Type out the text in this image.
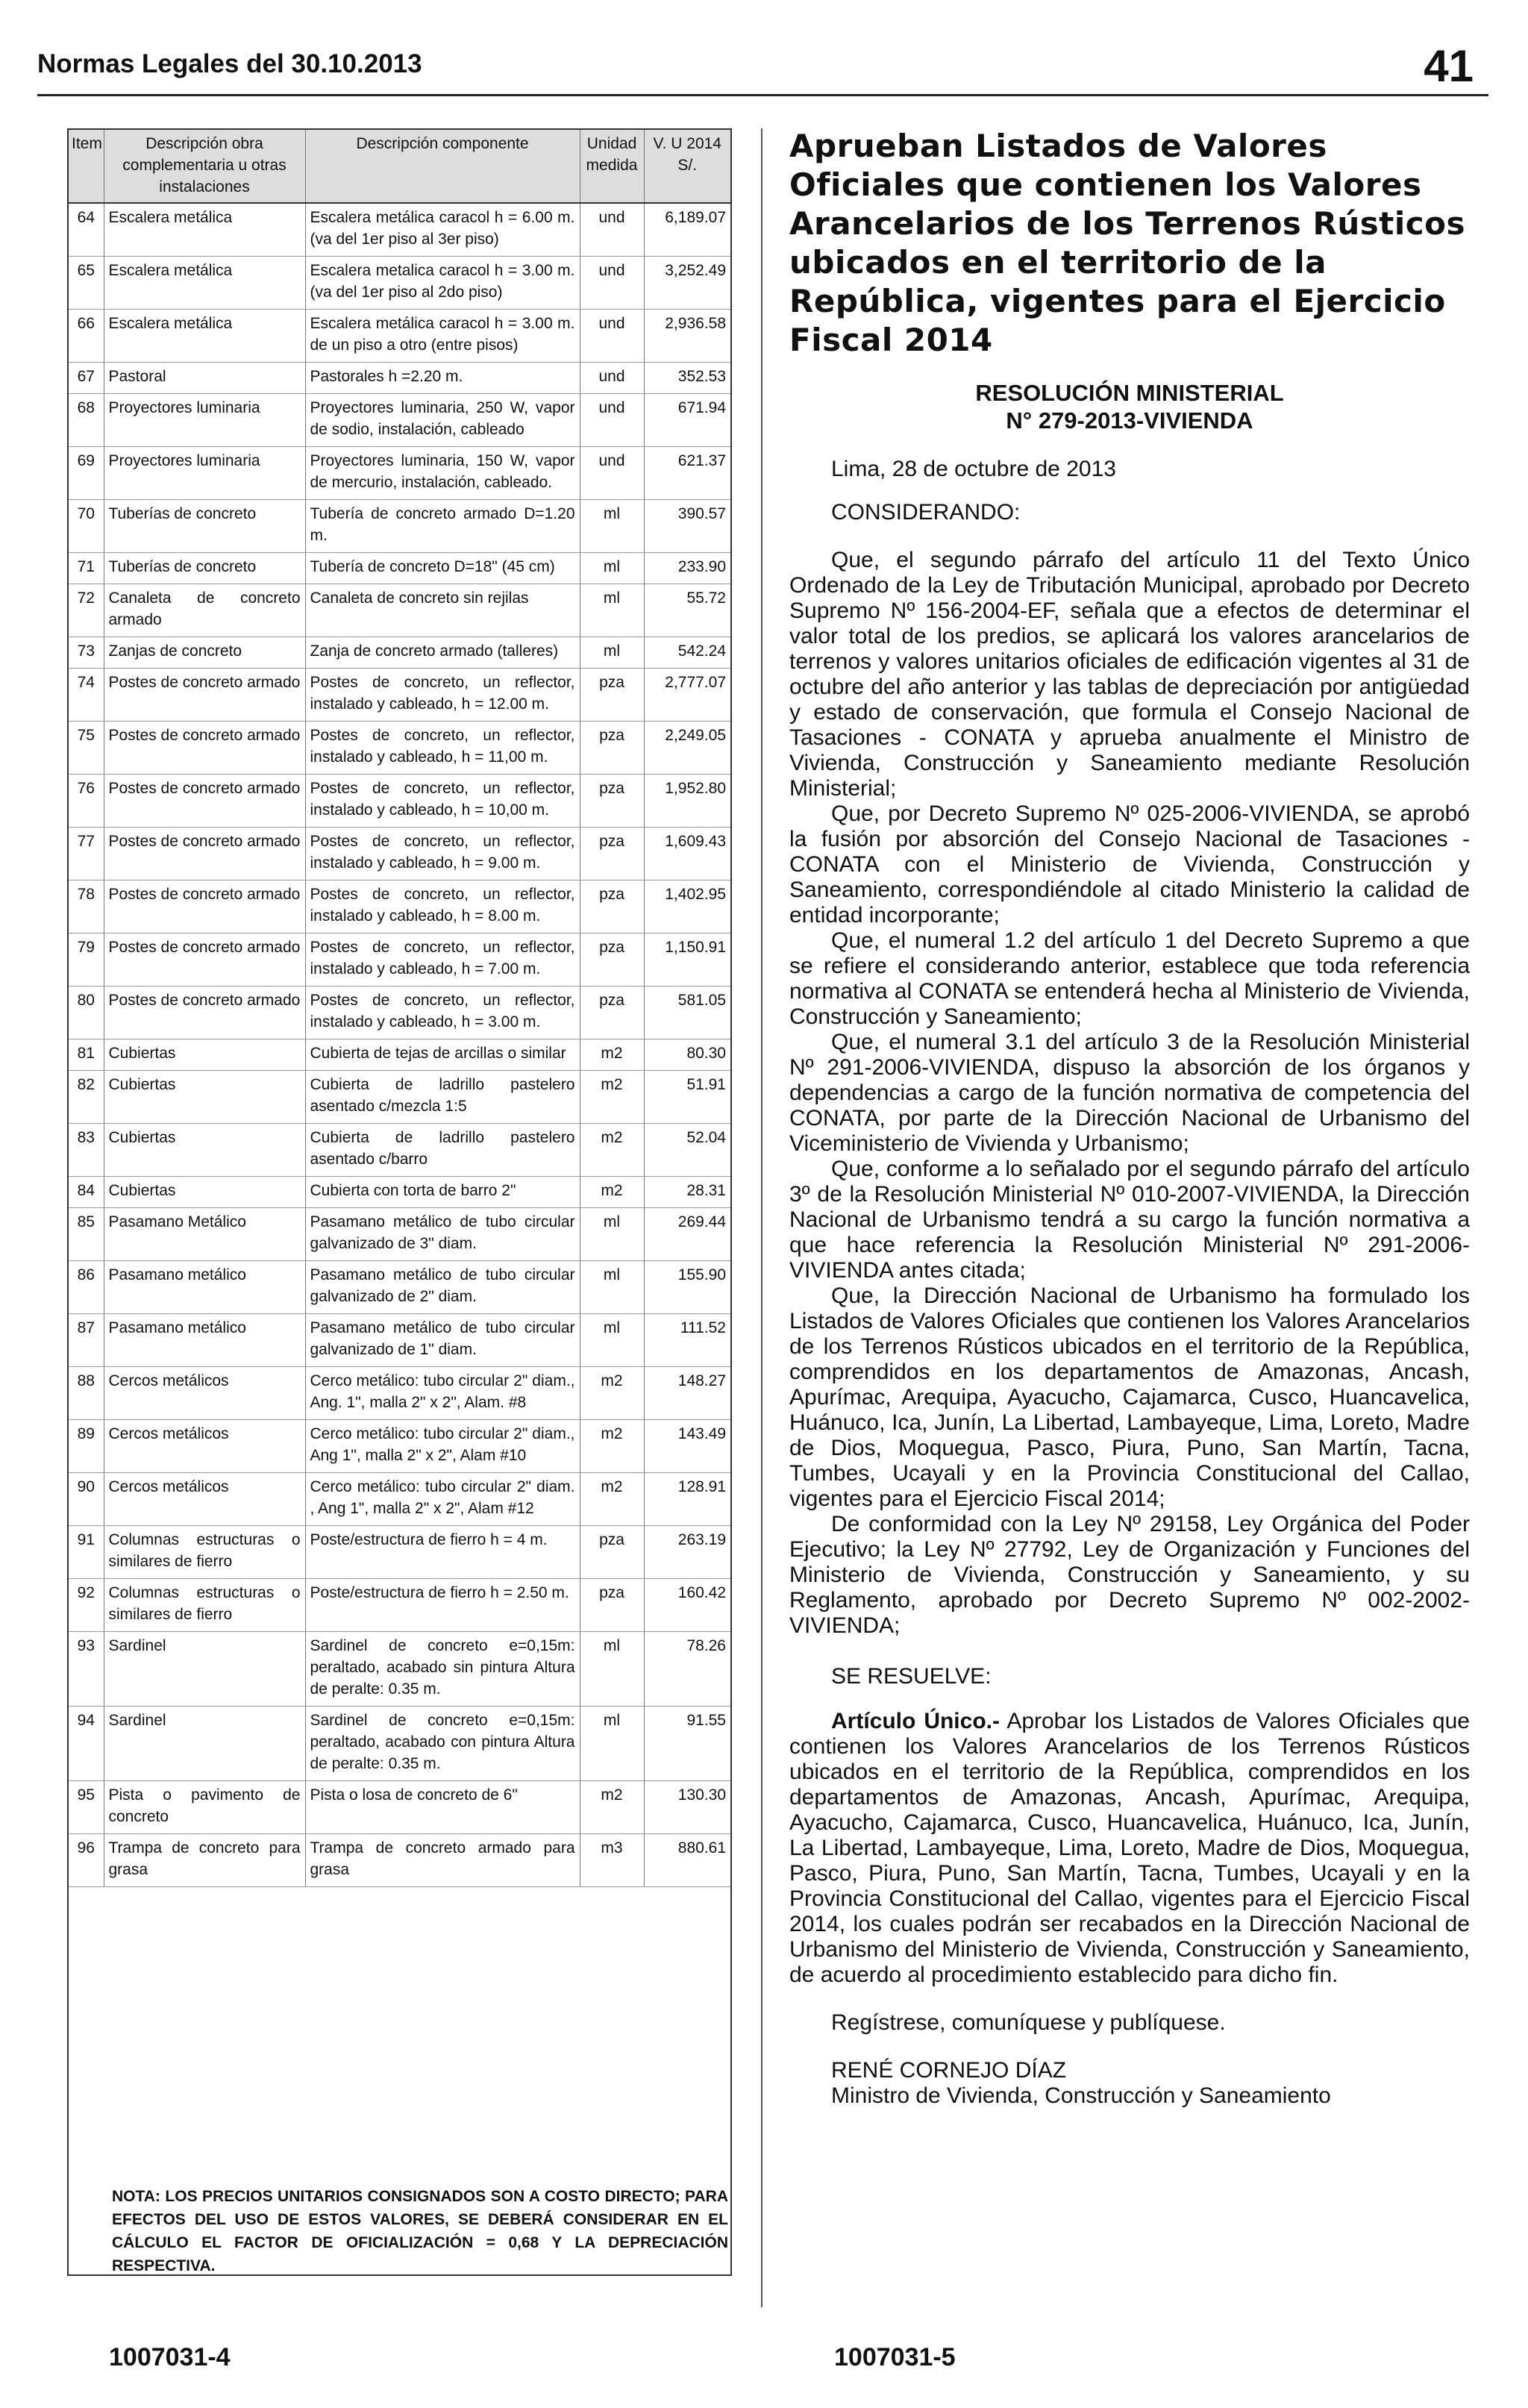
Normas Legales del 30.10.2013	41
Item	Descripción obra complementaria u otras instalaciones	Descripción componente	Unidad medida	V. U 2014 S/.
64	Escalera metálica	Escalera metálica caracol h = 6.00 m. (va del 1er piso al 3er piso)	und	6,189.07
65	Escalera metálica	Escalera metalica caracol h = 3.00 m. (va del 1er piso al 2do piso)	und	3,252.49
66	Escalera metálica	Escalera metálica caracol h = 3.00 m. de un piso a otro (entre pisos)	und	2,936.58
67	Pastoral	Pastorales h =2.20 m.	und	352.53
68	Proyectores luminaria	Proyectores luminaria, 250 W, vapor de sodio, instalación, cableado	und	671.94
69	Proyectores luminaria	Proyectores luminaria, 150 W, vapor de mercurio, instalación, cableado.	und	621.37
70	Tuberías de concreto	Tubería de concreto armado D=1.20 m.	ml	390.57
71	Tuberías de concreto	Tubería de concreto D=18" (45 cm)	ml	233.90
72	Canaleta de concreto armado	Canaleta de concreto sin rejilas	ml	55.72
73	Zanjas de concreto	Zanja de concreto armado (talleres)	ml	542.24
74	Postes de concreto armado	Postes de concreto, un reflector, instalado y cableado, h = 12.00 m.	pza	2,777.07
75	Postes de concreto armado	Postes de concreto, un reflector, instalado y cableado, h = 11,00 m.	pza	2,249.05
76	Postes de concreto armado	Postes de concreto, un reflector, instalado y cableado, h = 10,00 m.	pza	1,952.80
77	Postes de concreto armado	Postes de concreto, un reflector, instalado y cableado, h = 9.00 m.	pza	1,609.43
78	Postes de concreto armado	Postes de concreto, un reflector, instalado y cableado, h = 8.00 m.	pza	1,402.95
79	Postes de concreto armado	Postes de concreto, un reflector, instalado y cableado, h = 7.00 m.	pza	1,150.91
80	Postes de concreto armado	Postes de concreto, un reflector, instalado y cableado, h = 3.00 m.	pza	581.05
81	Cubiertas	Cubierta de tejas de arcillas o similar	m2	80.30
82	Cubiertas	Cubierta de ladrillo pastelero asentado c/mezcla 1:5	m2	51.91
83	Cubiertas	Cubierta de ladrillo pastelero asentado c/barro	m2	52.04
84	Cubiertas	Cubierta con torta de barro 2"	m2	28.31
85	Pasamano Metálico	Pasamano metálico de tubo circular galvanizado de 3" diam.	ml	269.44
86	Pasamano metálico	Pasamano metálico de tubo circular galvanizado de 2" diam.	ml	155.90
87	Pasamano metálico	Pasamano metálico de tubo circular galvanizado de 1" diam.	ml	111.52
88	Cercos metálicos	Cerco metálico: tubo circular 2" diam., Ang. 1", malla 2" x 2", Alam. #8	m2	148.27
89	Cercos metálicos	Cerco metálico: tubo circular 2" diam., Ang 1", malla 2" x 2", Alam #10	m2	143.49
90	Cercos metálicos	Cerco metálico: tubo circular 2" diam. , Ang 1", malla 2" x 2", Alam #12	m2	128.91
91	Columnas estructuras o similares de fierro	Poste/estructura de fierro h = 4 m.	pza	263.19
92	Columnas estructuras o similares de fierro	Poste/estructura de fierro h = 2.50 m.	pza	160.42
93	Sardinel	Sardinel de concreto e=0,15m: peraltado, acabado sin pintura Altura de peralte: 0.35 m.	ml	78.26
94	Sardinel	Sardinel de concreto e=0,15m: peraltado, acabado con pintura Altura de peralte: 0.35 m.	ml	91.55
95	Pista o pavimento de concreto	Pista o losa de concreto de 6"	m2	130.30
96	Trampa de concreto para grasa	Trampa de concreto armado para grasa	m3	880.61
NOTA: LOS PRECIOS UNITARIOS CONSIGNADOS SON A COSTO DIRECTO; PARA EFECTOS DEL USO DE ESTOS VALORES, SE DEBERÁ CONSIDERAR EN EL CÁLCULO EL FACTOR DE OFICIALIZACIÓN = 0,68 Y LA DEPRECIACIÓN RESPECTIVA.
1007031-4	1007031-5
Aprueban Listados de Valores Oficiales que contienen los Valores Arancelarios de los Terrenos Rústicos ubicados en el territorio de la República, vigentes para el Ejercicio Fiscal 2014
RESOLUCIÓN MINISTERIAL
N° 279-2013-VIVIENDA

Lima, 28 de octubre de 2013

CONSIDERANDO:

Que, el segundo párrafo del artículo 11 del Texto Único Ordenado de la Ley de Tributación Municipal, aprobado por Decreto Supremo Nº 156-2004-EF, señala que a efectos de determinar el valor total de los predios, se aplicará los valores arancelarios de terrenos y valores unitarios oficiales de edificación vigentes al 31 de octubre del año anterior y las tablas de depreciación por antigüedad y estado de conservación, que formula el Consejo Nacional de Tasaciones - CONATA y aprueba anualmente el Ministro de Vivienda, Construcción y Saneamiento mediante Resolución Ministerial;

Que, por Decreto Supremo Nº 025-2006-VIVIENDA, se aprobó la fusión por absorción del Consejo Nacional de Tasaciones - CONATA con el Ministerio de Vivienda, Construcción y Saneamiento, correspondiéndole al citado Ministerio la calidad de entidad incorporante;

Que, el numeral 1.2 del artículo 1 del Decreto Supremo a que se refiere el considerando anterior, establece que toda referencia normativa al CONATA se entenderá hecha al Ministerio de Vivienda, Construcción y Saneamiento;

Que, el numeral 3.1 del artículo 3 de la Resolución Ministerial Nº 291-2006-VIVIENDA, dispuso la absorción de los órganos y dependencias a cargo de la función normativa de competencia del CONATA, por parte de la Dirección Nacional de Urbanismo del Viceministerio de Vivienda y Urbanismo;

Que, conforme a lo señalado por el segundo párrafo del artículo 3º de la Resolución Ministerial Nº 010-2007-VIVIENDA, la Dirección Nacional de Urbanismo tendrá a su cargo la función normativa a que hace referencia la Resolución Ministerial Nº 291-2006-VIVIENDA antes citada;

Que, la Dirección Nacional de Urbanismo ha formulado los Listados de Valores Oficiales que contienen los Valores Arancelarios de los Terrenos Rústicos ubicados en el territorio de la República, comprendidos en los departamentos de Amazonas, Ancash, Apurímac, Arequipa, Ayacucho, Cajamarca, Cusco, Huancavelica, Huánuco, Ica, Junín, La Libertad, Lambayeque, Lima, Loreto, Madre de Dios, Moquegua, Pasco, Piura, Puno, San Martín, Tacna, Tumbes, Ucayali y en la Provincia Constitucional del Callao, vigentes para el Ejercicio Fiscal 2014;

De conformidad con la Ley Nº 29158, Ley Orgánica del Poder Ejecutivo; la Ley Nº 27792, Ley de Organización y Funciones del Ministerio de Vivienda, Construcción y Saneamiento, y su Reglamento, aprobado por Decreto Supremo Nº 002-2002-VIVIENDA;

SE RESUELVE:

Artículo Único.- Aprobar los Listados de Valores Oficiales que contienen los Valores Arancelarios de los Terrenos Rústicos ubicados en el territorio de la República, comprendidos en los departamentos de Amazonas, Ancash, Apurímac, Arequipa, Ayacucho, Cajamarca, Cusco, Huancavelica, Huánuco, Ica, Junín, La Libertad, Lambayeque, Lima, Loreto, Madre de Dios, Moquegua, Pasco, Piura, Puno, San Martín, Tacna, Tumbes, Ucayali y en la Provincia Constitucional del Callao, vigentes para el Ejercicio Fiscal 2014, los cuales podrán ser recabados en la Dirección Nacional de Urbanismo del Ministerio de Vivienda, Construcción y Saneamiento, de acuerdo al procedimiento establecido para dicho fin.

Regístrese, comuníquese y publíquese.

RENÉ CORNEJO DÍAZ

Ministro de Vivienda, Construcción y Saneamiento
